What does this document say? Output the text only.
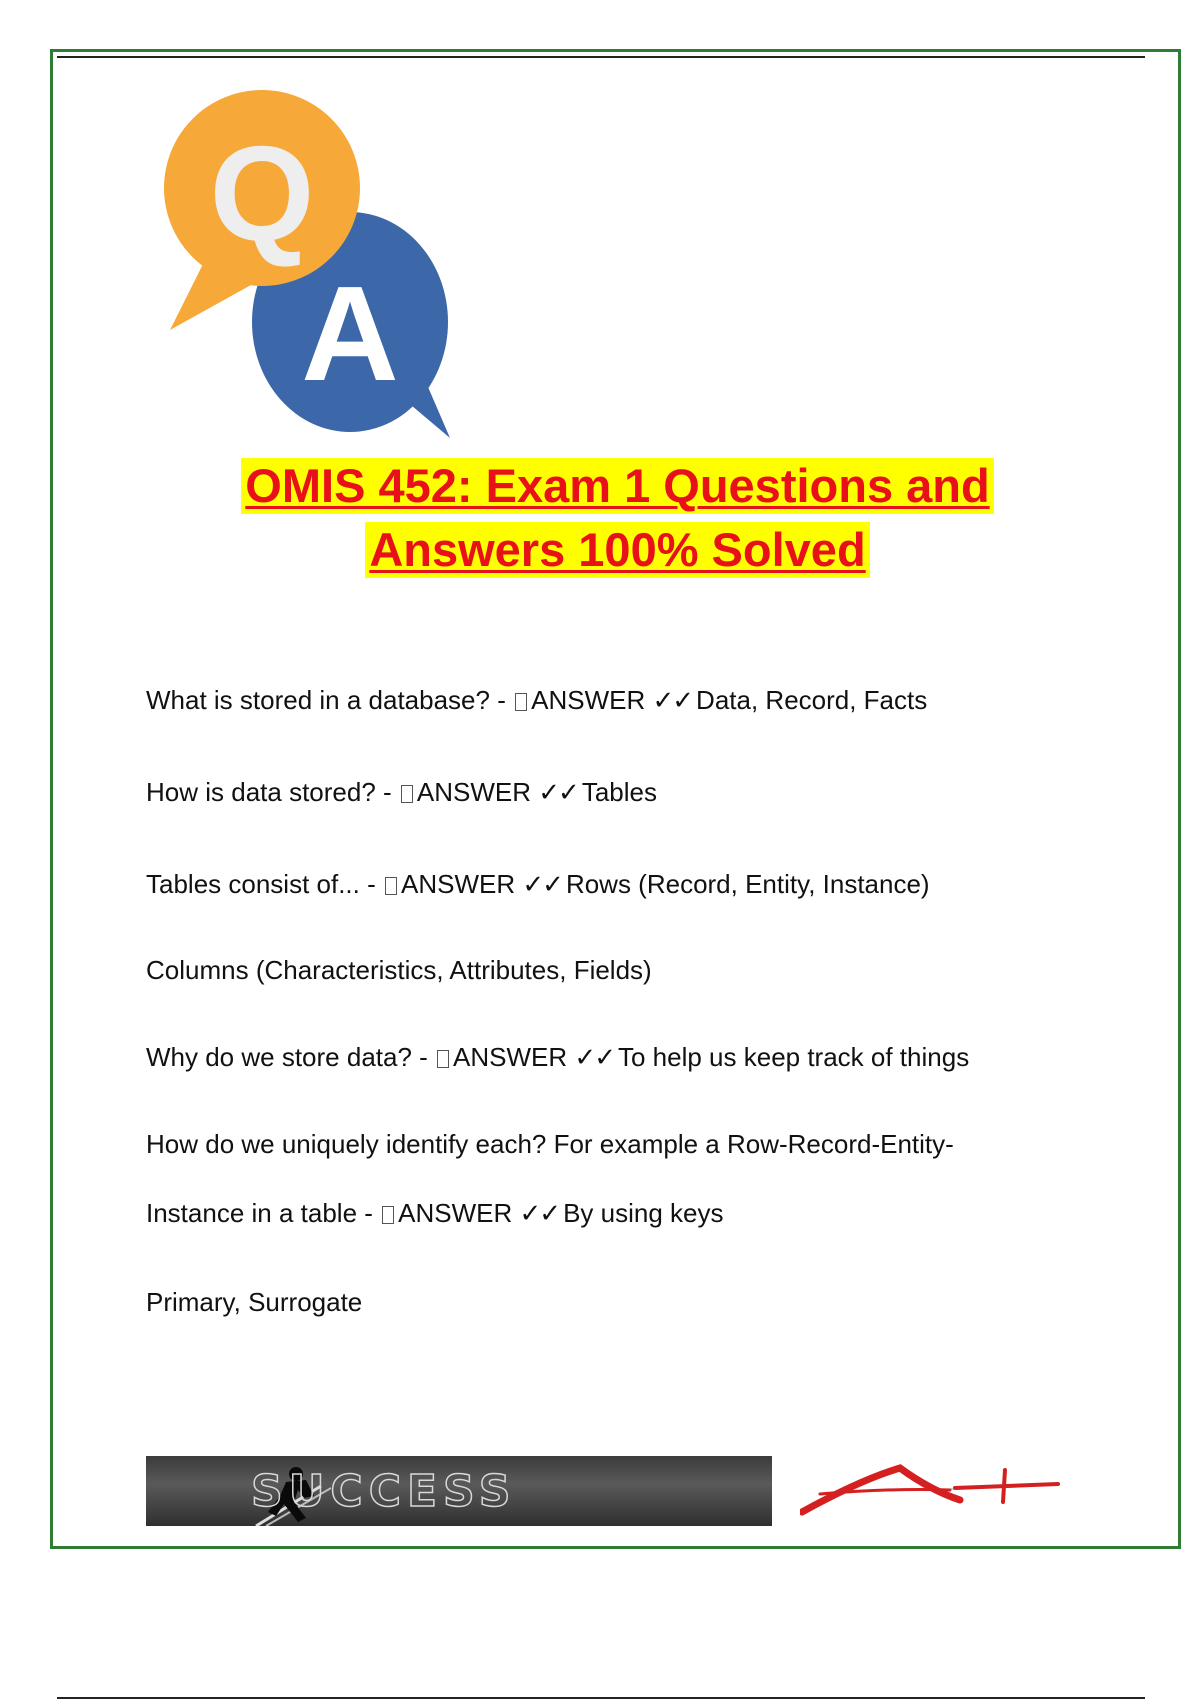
A
Q
OMIS 452: Exam 1 Questions and
Answers 100% Solved

What is stored in a database? - ANSWER ✓✓ Data, Record, Facts

How is data stored? - ANSWER ✓✓ Tables

Tables consist of... - ANSWER ✓✓ Rows (Record, Entity, Instance)

Columns (Characteristics, Attributes, Fields)

Why do we store data? - ANSWER ✓✓ To help us keep track of things

How do we uniquely identify each? For example a Row-Record-Entity-

Instance in a table - ANSWER ✓✓ By using keys

Primary, Surrogate

SUCCESS	~
